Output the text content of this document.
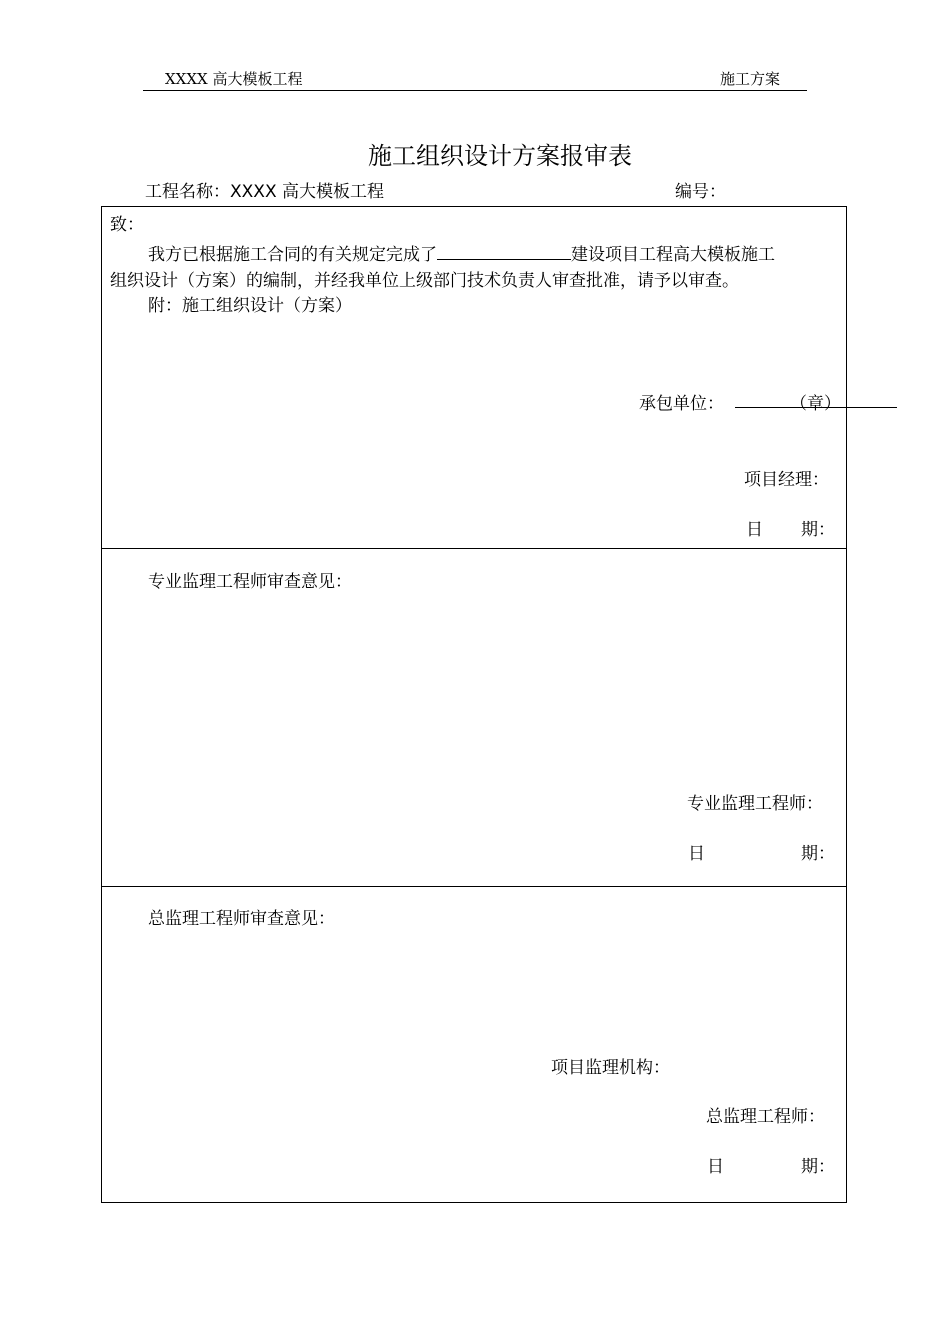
XXXX 高大模板工程	施工方案
施工组织设计方案报审表
工程名称：XXXX 高大模板工程	编号：
致：
我方已根据施工合同的有关规定完成了	建设项目工程高大模板施工
组织设计（方案）的编制，并经我单位上级部门技术负责人审查批准，请予以审查。
附：施工组织设计（方案）
承包单位：	（章）
项目经理：
日 期：
专业监理工程师审查意见：
专业监理工程师：
日	期：
总监理工程师审查意见：
项目监理机构：
总监理工程师：
日	期：
